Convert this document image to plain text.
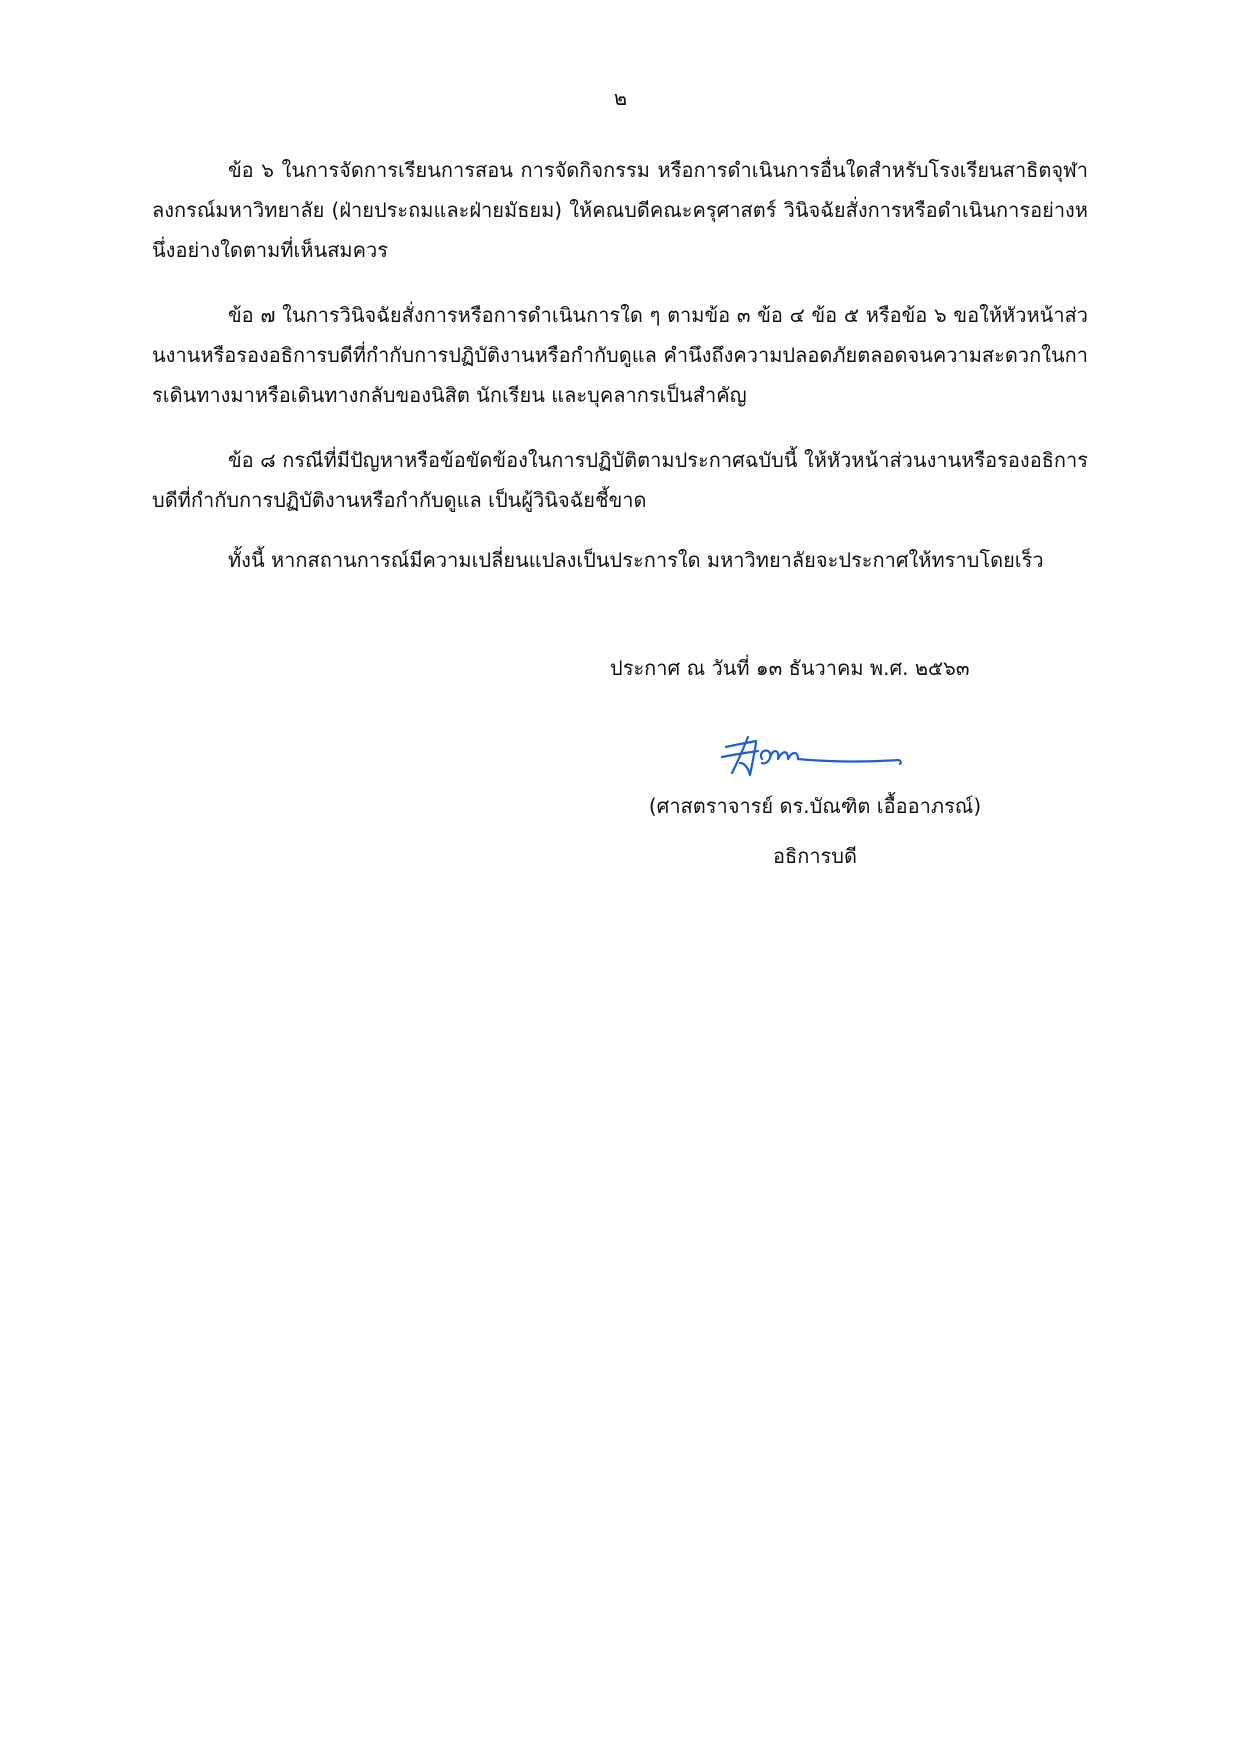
๒

ข้อ ๖ ในการจัดการเรียนการสอน การจัดกิจกรรม หรือการดำเนินการอื่นใดสำหรับโรงเรียนสาธิตจุฬาลงกรณ์มหาวิทยาลัย (ฝ่ายประถมและฝ่ายมัธยม) ให้คณบดีคณะครุศาสตร์ วินิจฉัยสั่งการหรือดำเนินการอย่างหนึ่งอย่างใดตามที่เห็นสมควร

ข้อ ๗ ในการวินิจฉัยสั่งการหรือการดำเนินการใด ๆ ตามข้อ ๓ ข้อ ๔ ข้อ ๕ หรือข้อ ๖ ขอให้หัวหน้าส่วนงานหรือรองอธิการบดีที่กำกับการปฏิบัติงานหรือกำกับดูแล คำนึงถึงความปลอดภัยตลอดจนความสะดวกในการเดินทางมาหรือเดินทางกลับของนิสิต นักเรียน และบุคลากรเป็นสำคัญ

ข้อ ๘ กรณีที่มีปัญหาหรือข้อขัดข้องในการปฏิบัติตามประกาศฉบับนี้ ให้หัวหน้าส่วนงานหรือรองอธิการบดีที่กำกับการปฏิบัติงานหรือกำกับดูแล เป็นผู้วินิจฉัยชี้ขาด

ทั้งนี้ หากสถานการณ์มีความเปลี่ยนแปลงเป็นประการใด มหาวิทยาลัยจะประกาศให้ทราบโดยเร็ว

ประกาศ ณ วันที่ ๑๓ ธันวาคม พ.ศ. ๒๕๖๓
(ศาสตราจารย์ ดร.บัณฑิต เอื้ออาภรณ์)
อธิการบดี
